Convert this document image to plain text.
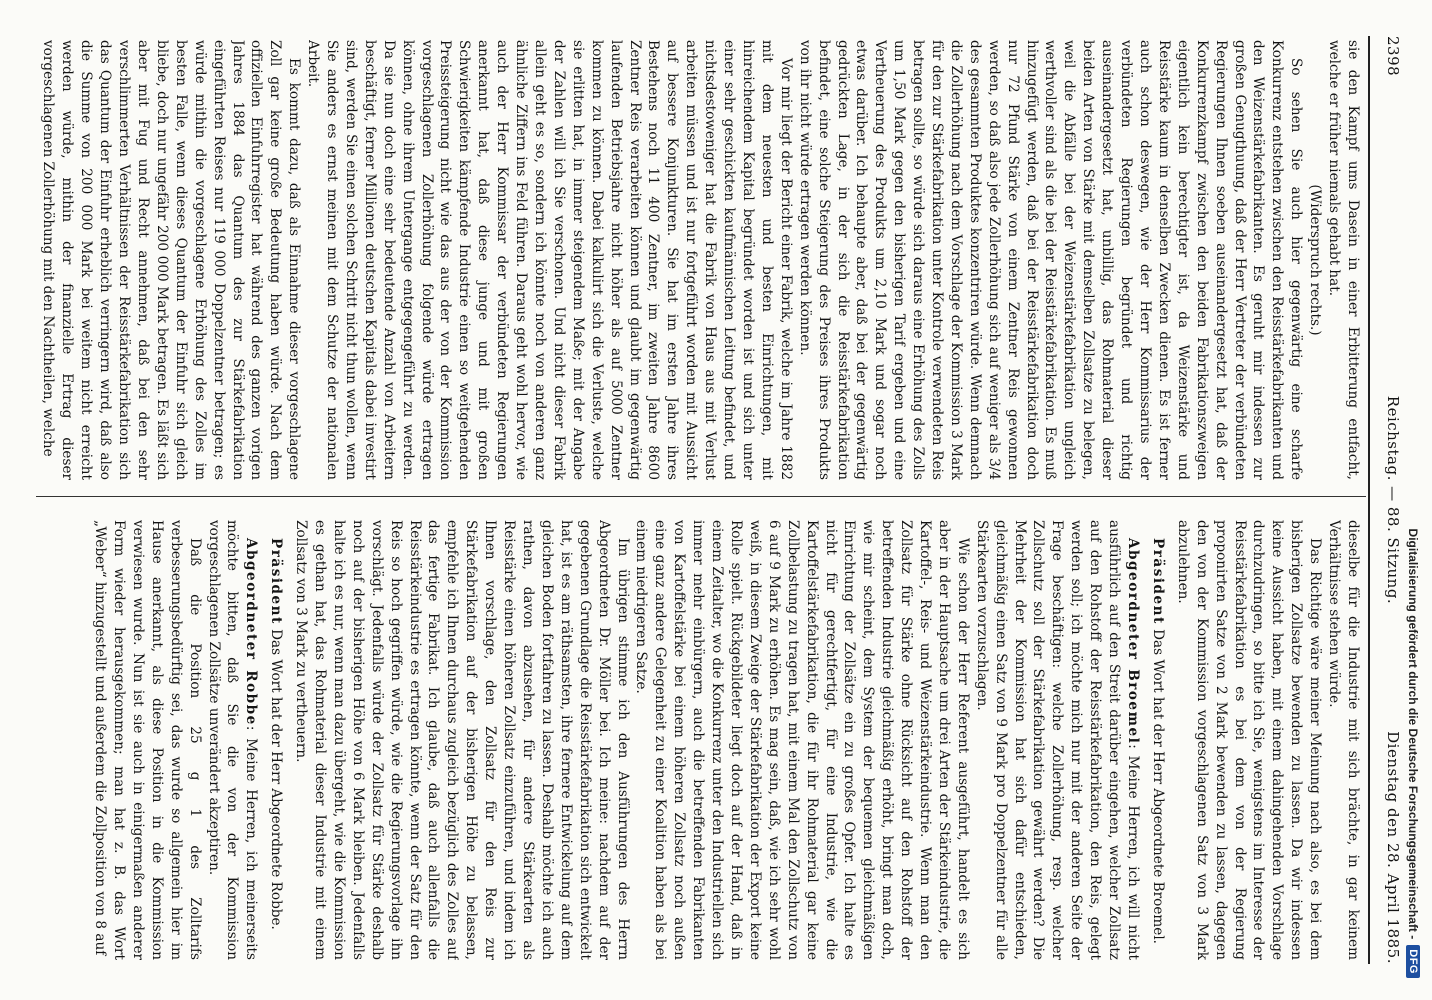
2398
Reichstag. — 88. Sitzung.
Dienstag den 28. April 1885.

sie den Kampf ums Dasein in einer Erbitterung entfacht, welche er früher niemals gehabt hat.

(Widerspruch rechts.)

So sehen Sie auch hier gegenwärtig eine scharfe Konkurrenz entstehen zwischen den Reisstärkefabrikanten und den Weizenstärkefabrikanten. Es geruht mir indessen zur großen Genugthuung, daß der Herr Vertreter der verbündeten Regierungen Ihnen soeben auseinandergesetzt hat, daß der Konkurrenzkampf zwischen den beiden Fabrikationszweigen eigentlich kein berechtigter ist, da Weizenstärke und Reisstärke kaum in denselben Zwecken dienen. Es ist ferner auch schon deswegen, wie der Herr Kommissarius der verbündeten Regierungen begründet und richtig auseinandergesetzt hat, unbillig, das Rohmaterial dieser beiden Arten von Stärke mit demselben Zollsatze zu belegen, weil die Abfälle bei der Weizenstärkefabrikation ungleich werthvoller sind als die bei der Reisstärkefabrikation. Es muß hinzugefügt werden, daß bei der Reisstärkefabrikation doch nur 72 Pfund Stärke von einem Zentner Reis gewonnen werden, so daß also jede Zollerhöhung sich auf weniger als 3/4 des gesammten Produktes konzentriren würde. Wenn demnach die Zollerhöhung nach dem Vorschlage der Kommission 3 Mark für den zur Stärkefabrikation unter Kontrole verwendeten Reis betragen sollte, so würde sich daraus eine Erhöhung des Zolls um 1,50 Mark gegen den bisherigen Tarif ergeben und eine Vertheuerung des Produkts um 2,10 Mark und sogar noch etwas darüber. Ich behaupte aber, daß bei der gegenwärtig gedrückten Lage, in der sich die Reisstärkefabrikation befindet, eine solche Steigerung des Preises ihres Produkts von ihr nicht würde ertragen werden können.

Vor mir liegt der Bericht einer Fabrik, welche im Jahre 1882 mit dem neuesten und besten Einrichtungen, mit hinreichendem Kapital begründet worden ist und sich unter einer sehr geschickten kaufmännischen Leitung befindet, und nichtsdestoweniger hat die Fabrik von Haus aus mit Verlust arbeiten müssen und ist nur fortgeführt worden mit Aussicht auf bessere Konjunkturen. Sie hat im ersten Jahre ihres Bestehens noch 11 400 Zentner, im zweiten Jahre 8600 Zentner Reis verarbeiten können und glaubt im gegenwärtig laufenden Betriebsjahre nicht höher als auf 5000 Zentner kommen zu können. Dabei kalkulirt sich die Verluste, welche sie erlitten hat, in immer steigendem Maße; mit der Angabe der Zahlen will ich Sie verschonen. Und nicht dieser Fabrik allein geht es so, sondern ich könnte noch von anderen ganz ähnliche Ziffern ins Feld führen. Daraus geht wohl hervor, wie auch der Herr Kommissar der verbündeten Regierungen anerkannt hat, daß diese junge und mit großen Schwierigkeiten kämpfende Industrie einen so weitgehenden Preissteigerung nicht wie das aus der von der Kommission vorgeschlagenen Zollerhöhung folgende würde ertragen können, ohne ihrem Untergange entgegengeführt zu werden. Da sie nun doch eine sehr bedeutende Anzahl von Arbeitern beschäftigt, ferner Millionen deutschen Kapitals dabei investirt sind, werden Sie einen solchen Schritt nicht thun wollen, wenn Sie anders es ernst meinen mit dem Schutze der nationalen Arbeit.

Es kommt dazu, daß als Einnahme dieser vorgeschlagene Zoll gar keine große Bedeutung haben würde. Nach dem offiziellen Einfuhrregister hat während des ganzen vorigen Jahres 1884 das Quantum des zur Stärkefabrikation eingeführten Reises nur 119 000 Doppelzentner betragen; es würde mithin die vorgeschlagene Erhöhung des Zolles im besten Falle, wenn dieses Quantum der Einfuhr sich gleich bliebe, doch nur ungefähr 200 000 Mark betragen. Es läßt sich aber mit Fug und Recht annehmen, daß bei den sehr verschlimmerten Verhältnissen der Reisstärkefabrikation sich das Quantum der Einfuhr erheblich verringern wird, daß also die Summe von 200 000 Mark bei weitem nicht erreicht werden würde, mithin der finanzielle Ertrag dieser vorgeschlagenen Zollerhöhung mit den Nachtheilen, welche

dieselbe für die Industrie mit sich brächte, in gar keinem Verhältnisse stehen würde.

Das Richtige wäre meiner Meinung nach also, es bei dem bisherigen Zollsatze bewenden zu lassen. Da wir indessen keine Aussicht haben, mit einem dahingehenden Vorschlage durchzudringen, so bitte ich Sie, wenigstens im Interesse der Reisstärkefabrikation es bei dem von der Regierung proponirten Satze von 2 Mark bewenden zu lassen, dagegen den von der Kommission vorgeschlagenen Satz von 3 Mark abzulehnen.

Präsident Das Wort hat der Herr Abgeordnete Broemel.

Abgeordneter Broemel: Meine Herren, ich will nicht ausführlich auf den Streit darüber eingehen, welcher Zollsatz auf den Rohstoff der Reisstärkefabrikation, den Reis, gelegt werden soll; ich möchte mich nur mit der anderen Seite der Frage beschäftigen: welche Zollerhöhung, resp. welcher Zollschutz soll der Stärkefabrikation gewährt werden? Die Mehrheit der Kommission hat sich dafür entschieden, gleichmäßig einen Satz von 9 Mark pro Doppelzentner für alle Stärkearten vorzuschlagen.

Wie schon der Herr Referent ausgeführt, handelt es sich aber in der Hauptsache um drei Arten der Stärkeindustrie, die Kartoffel-, Reis- und Weizenstärkeindustrie. Wenn man den Zollsatz für Stärke ohne Rücksicht auf den Rohstoff der betreffenden Industrie gleichmäßig erhöht, bringt man doch, wie mir scheint, dem System der bequemen gleichmäßigen Einrichtung der Zollsätze ein zu großes Opfer. Ich halte es nicht für gerechtfertigt, für eine Industrie, wie die Kartoffelstärkefabrikation, die für ihr Rohmaterial gar keine Zollbelastung zu tragen hat, mit einem Mal den Zollschutz von 6 auf 9 Mark zu erhöhen. Es mag sein, daß, wie ich sehr wohl weiß, in diesem Zweige der Stärkefabrikation der Export keine Rolle spielt. Rückgebildeter liegt doch auf der Hand, daß in einem Zeitalter, wo die Konkurrenz unter den Industriellen sich immer mehr einbürgern, auch die betreffenden Fabrikanten von Kartoffelstärke bei einem höheren Zollsatz noch außen eine ganz andere Gelegenheit zu einer Koalition haben als bei einem niedrigeren Satze.

Im übrigen stimme ich den Ausführungen des Herrn Abgeordneten Dr. Möller bei. Ich meine: nachdem auf der gegebenen Grundlage die Reisstärkefabrikation sich entwickelt hat, ist es am räthsamsten, ihre fernere Entwickelung auf dem gleichen Boden fortfahren zu lassen. Deshalb möchte ich auch rathen, davon abzusehen, für andere Stärkearten als Reisstärke einen höheren Zollsatz einzuführen, und indem ich Ihnen vorschlage, den Zollsatz für den Reis zur Stärkefabrikation auf der bisherigen Höhe zu belassen, empfehle ich Ihnen durchaus zugleich bezüglich des Zolles auf das fertige Fabrikat. Ich glaube, daß auch allenfalls die Reisstärkeindustrie es ertragen könnte, wenn der Satz für den Reis so hoch gegriffen würde, wie die Regierungsvorlage ihn vorschlägt. Jedenfalls würde der Zollsatz für Stärke deshalb noch auf der bisherigen Höhe von 6 Mark bleiben. Jedenfalls halte ich es nur, wenn man dazu übergeht, wie die Kommission es gethan hat, das Rohmaterial dieser Industrie mit einem Zollsatz von 3 Mark zu vertheuern.

Präsident Das Wort hat der Herr Abgeordnete Robbe.

Abgeordneter Robbe: Meine Herren, ich meinerseits möchte bitten, daß Sie die von der Kommission vorgeschlagenen Zollsätze unverändert akzeptiren.

Daß die Position 25 g 1 des Zolltarifs verbesserungsbedürftig sei, das wurde so allgemein hier im Hause anerkannt, als diese Position in die Kommission verwiesen wurde. Nun ist sie auch in einigermaßen anderer Form wieder herausgekommen; man hat z. B. das Wort „Weber“ hinzugestellt und außerdem die Zollposition von 8 auf	Digitalisierung gefördert durch die Deutsche Forschungsgemeinschaft -
DFG
